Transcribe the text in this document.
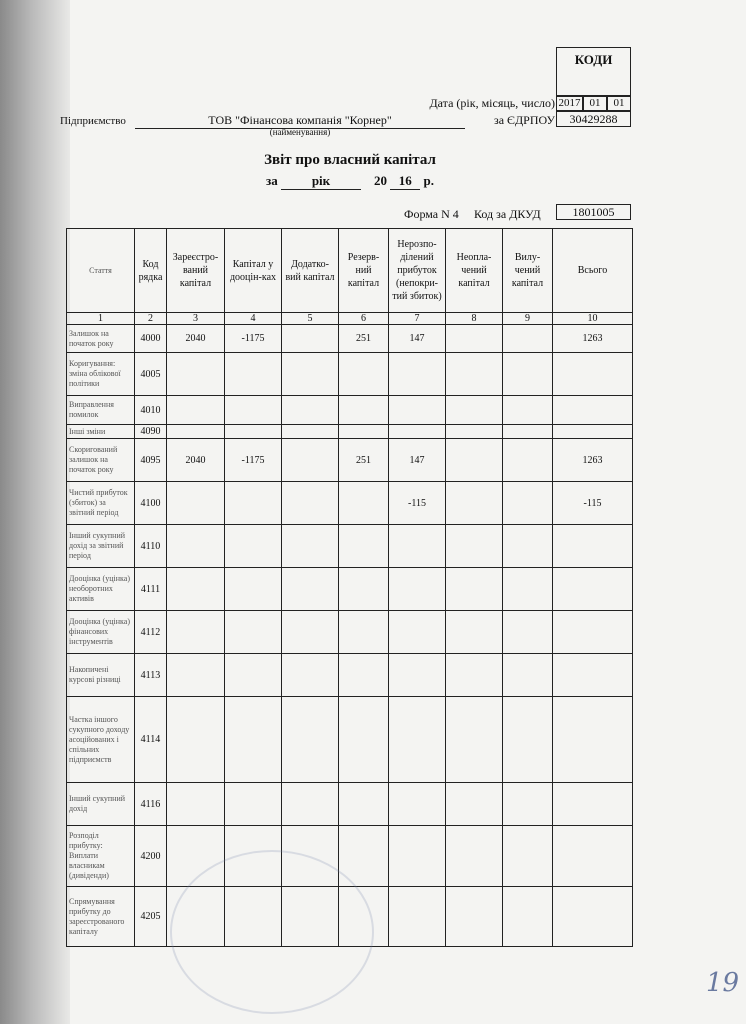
КОДИ
Дата (рік, місяць, число) 2017 01	01
Підприємство	ТОВ "Фінансова компанія "Корнер"
(найменування)
за ЄДРПОУ	30429288
Звіт про власний капітал
за	рік	20 16 р.
Форма N 4 Код за ДКУД	1801005
Стаття	Код рядка	Зареєстро-ваний капітал	Капітал у дооцін-ках	Додатко-вий капітал	Резерв-ний капітал	Нерозпо-ділений прибуток (непокри-тий збиток)	Неопла-чений капітал	Вилу-чений капітал	Всього
1	2	3	4	5	6	7	8	9	10
Залишок на початок року	4000	2040	-1175		251	147			1263
Коригування: зміна облікової політики	4005								
Виправлення помилок	4010								
Інші зміни	4090								
Скоригований залишок на початок року	4095	2040	-1175		251	147			1263
Чистий прибуток (збиток) за звітний період	4100					-115			-115
Інший сукупний дохід за звітний період	4110								
Дооцінка (уцінка) необоротних активів	4111								
Дооцінка (уцінка) фінансових інструментів	4112								
Накопичені курсові різниці	4113								
Частка іншого сукупного доходу асоційованих і спільних підприємств	4114								
Інший сукупний дохід	4116								
Розподіл прибутку: Виплати власникам (дивіденди)	4200								
Спрямування прибутку до зареєстрованого капіталу	4205								
19
